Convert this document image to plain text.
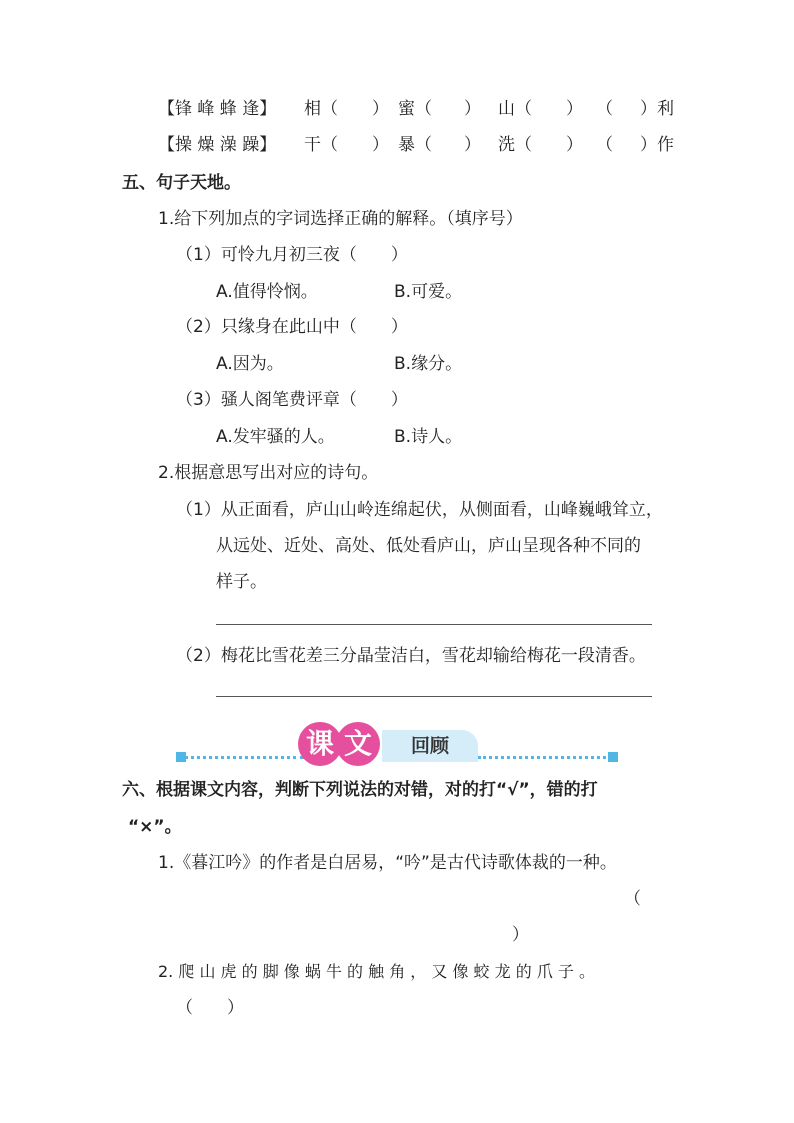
【锋 峰 蜂 逢】 相（ ） 蜜（ ） 山（ ） （ ）利
【操 燥 澡 躁】 干（ ） 暴（ ） 洗（ ） （ ）作
五、句子天地。
1.给下列加点的字词选择正确的解释。（填序号）
（1）可怜九月初三夜（　　）
A.值得怜悯。	B.可爱。
（2）只缘身在此山中（　　）
A.因为。	B.缘分。
（3）骚人阁笔费评章（　　）
A.发牢骚的人。	B.诗人。
2.根据意思写出对应的诗句。
（1）从正面看，庐山山岭连绵起伏，从侧面看，山峰巍峨耸立，
从远处、近处、高处、低处看庐山，庐山呈现各种不同的
样子。
（2）梅花比雪花差三分晶莹洁白，雪花却输给梅花一段清香。
课 文	回顾
六、根据课文内容，判断下列说法的对错，对的打“√”，错的打
“×”。
1.《暮江吟》的作者是白居易，“吟”是古代诗歌体裁的一种。
（
）
2. 爬 山 虎 的 脚 像 蜗 牛 的 触 角 ， 又 像 蛟 龙 的 爪 子 。
（　　）
